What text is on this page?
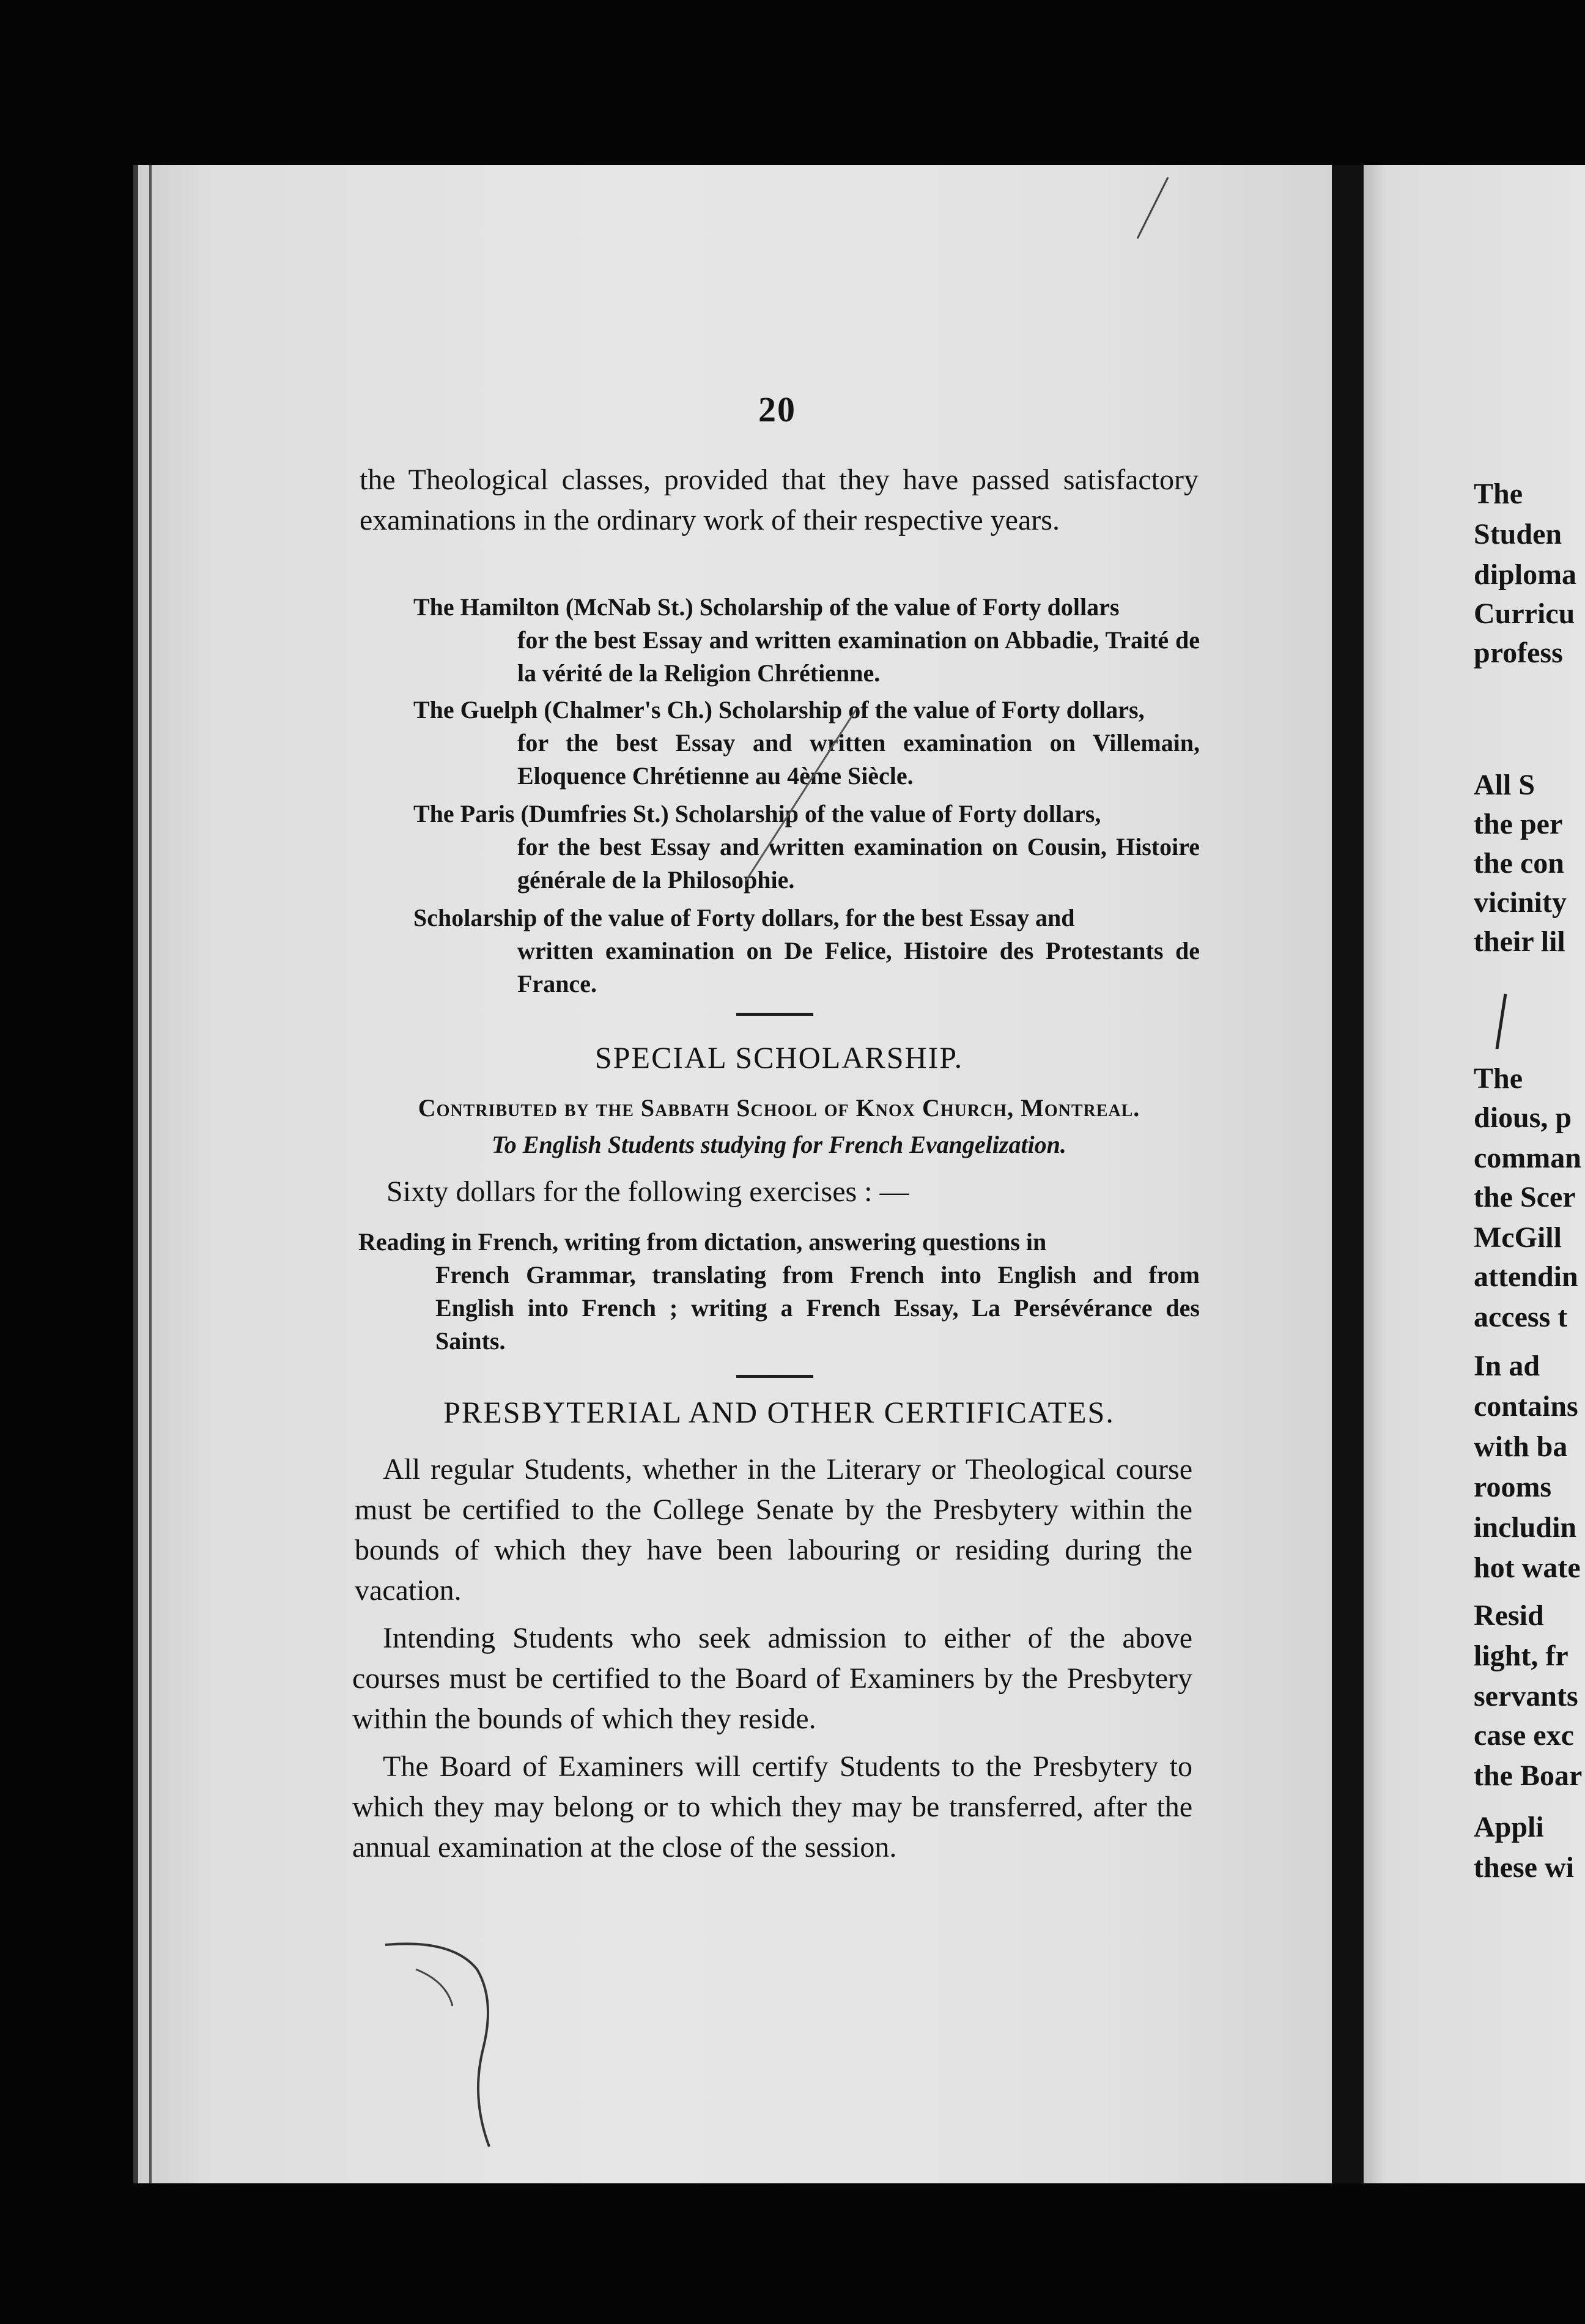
20

the Theological classes, provided that they have passed satisfactory examinations in the ordinary work of their respective years.

The Hamilton (McNab St.) Scholarship of the value of Forty dollars
for the best Essay and written examination on Abbadie, Traité de la vérité de la Religion Chrétienne.
The Guelph (Chalmer's Ch.) Scholarship of the value of Forty dollars,
for the best Essay and written examination on Villemain, Eloquence Chrétienne au 4ème Siècle.
The Paris (Dumfries St.) Scholarship of the value of Forty dollars,
for the best Essay and written examination on Cousin, Histoire générale de la Philosophie.
Scholarship of the value of Forty dollars, for the best Essay and
written examination on De Felice, Histoire des Protestants de France.
SPECIAL SCHOLARSHIP.
Contributed by the Sabbath School of Knox Church, Montreal.
To English Students studying for French Evangelization.
Sixty dollars for the following exercises : —
Reading in French, writing from dictation, answering questions in
French Grammar, translating from French into English and from English into French ; writing a French Essay, La Persévérance des Saints.
PRESBYTERIAL AND OTHER CERTIFICATES.

All regular Students, whether in the Literary or Theological course must be certified to the College Senate by the Presbytery within the bounds of which they have been labouring or residing during the vacation.

Intending Students who seek admission to either of the above courses must be certified to the Board of Examiners by the Presbytery within the bounds of which they reside.

The Board of Examiners will certify Students to the Presbytery to which they may belong or to which they may be transferred, after the annual examination at the close of the session.

The
Studen
diploma
Curricu
profess
All S
the per
the con
vicinity
their lil
The
dious, p
comman
the Scer
McGill
attendin
access t
In ad
contains
with ba
rooms
includin
hot wate
Resid
light, fr
servants
case exc
the Boar
Appli
these wi
